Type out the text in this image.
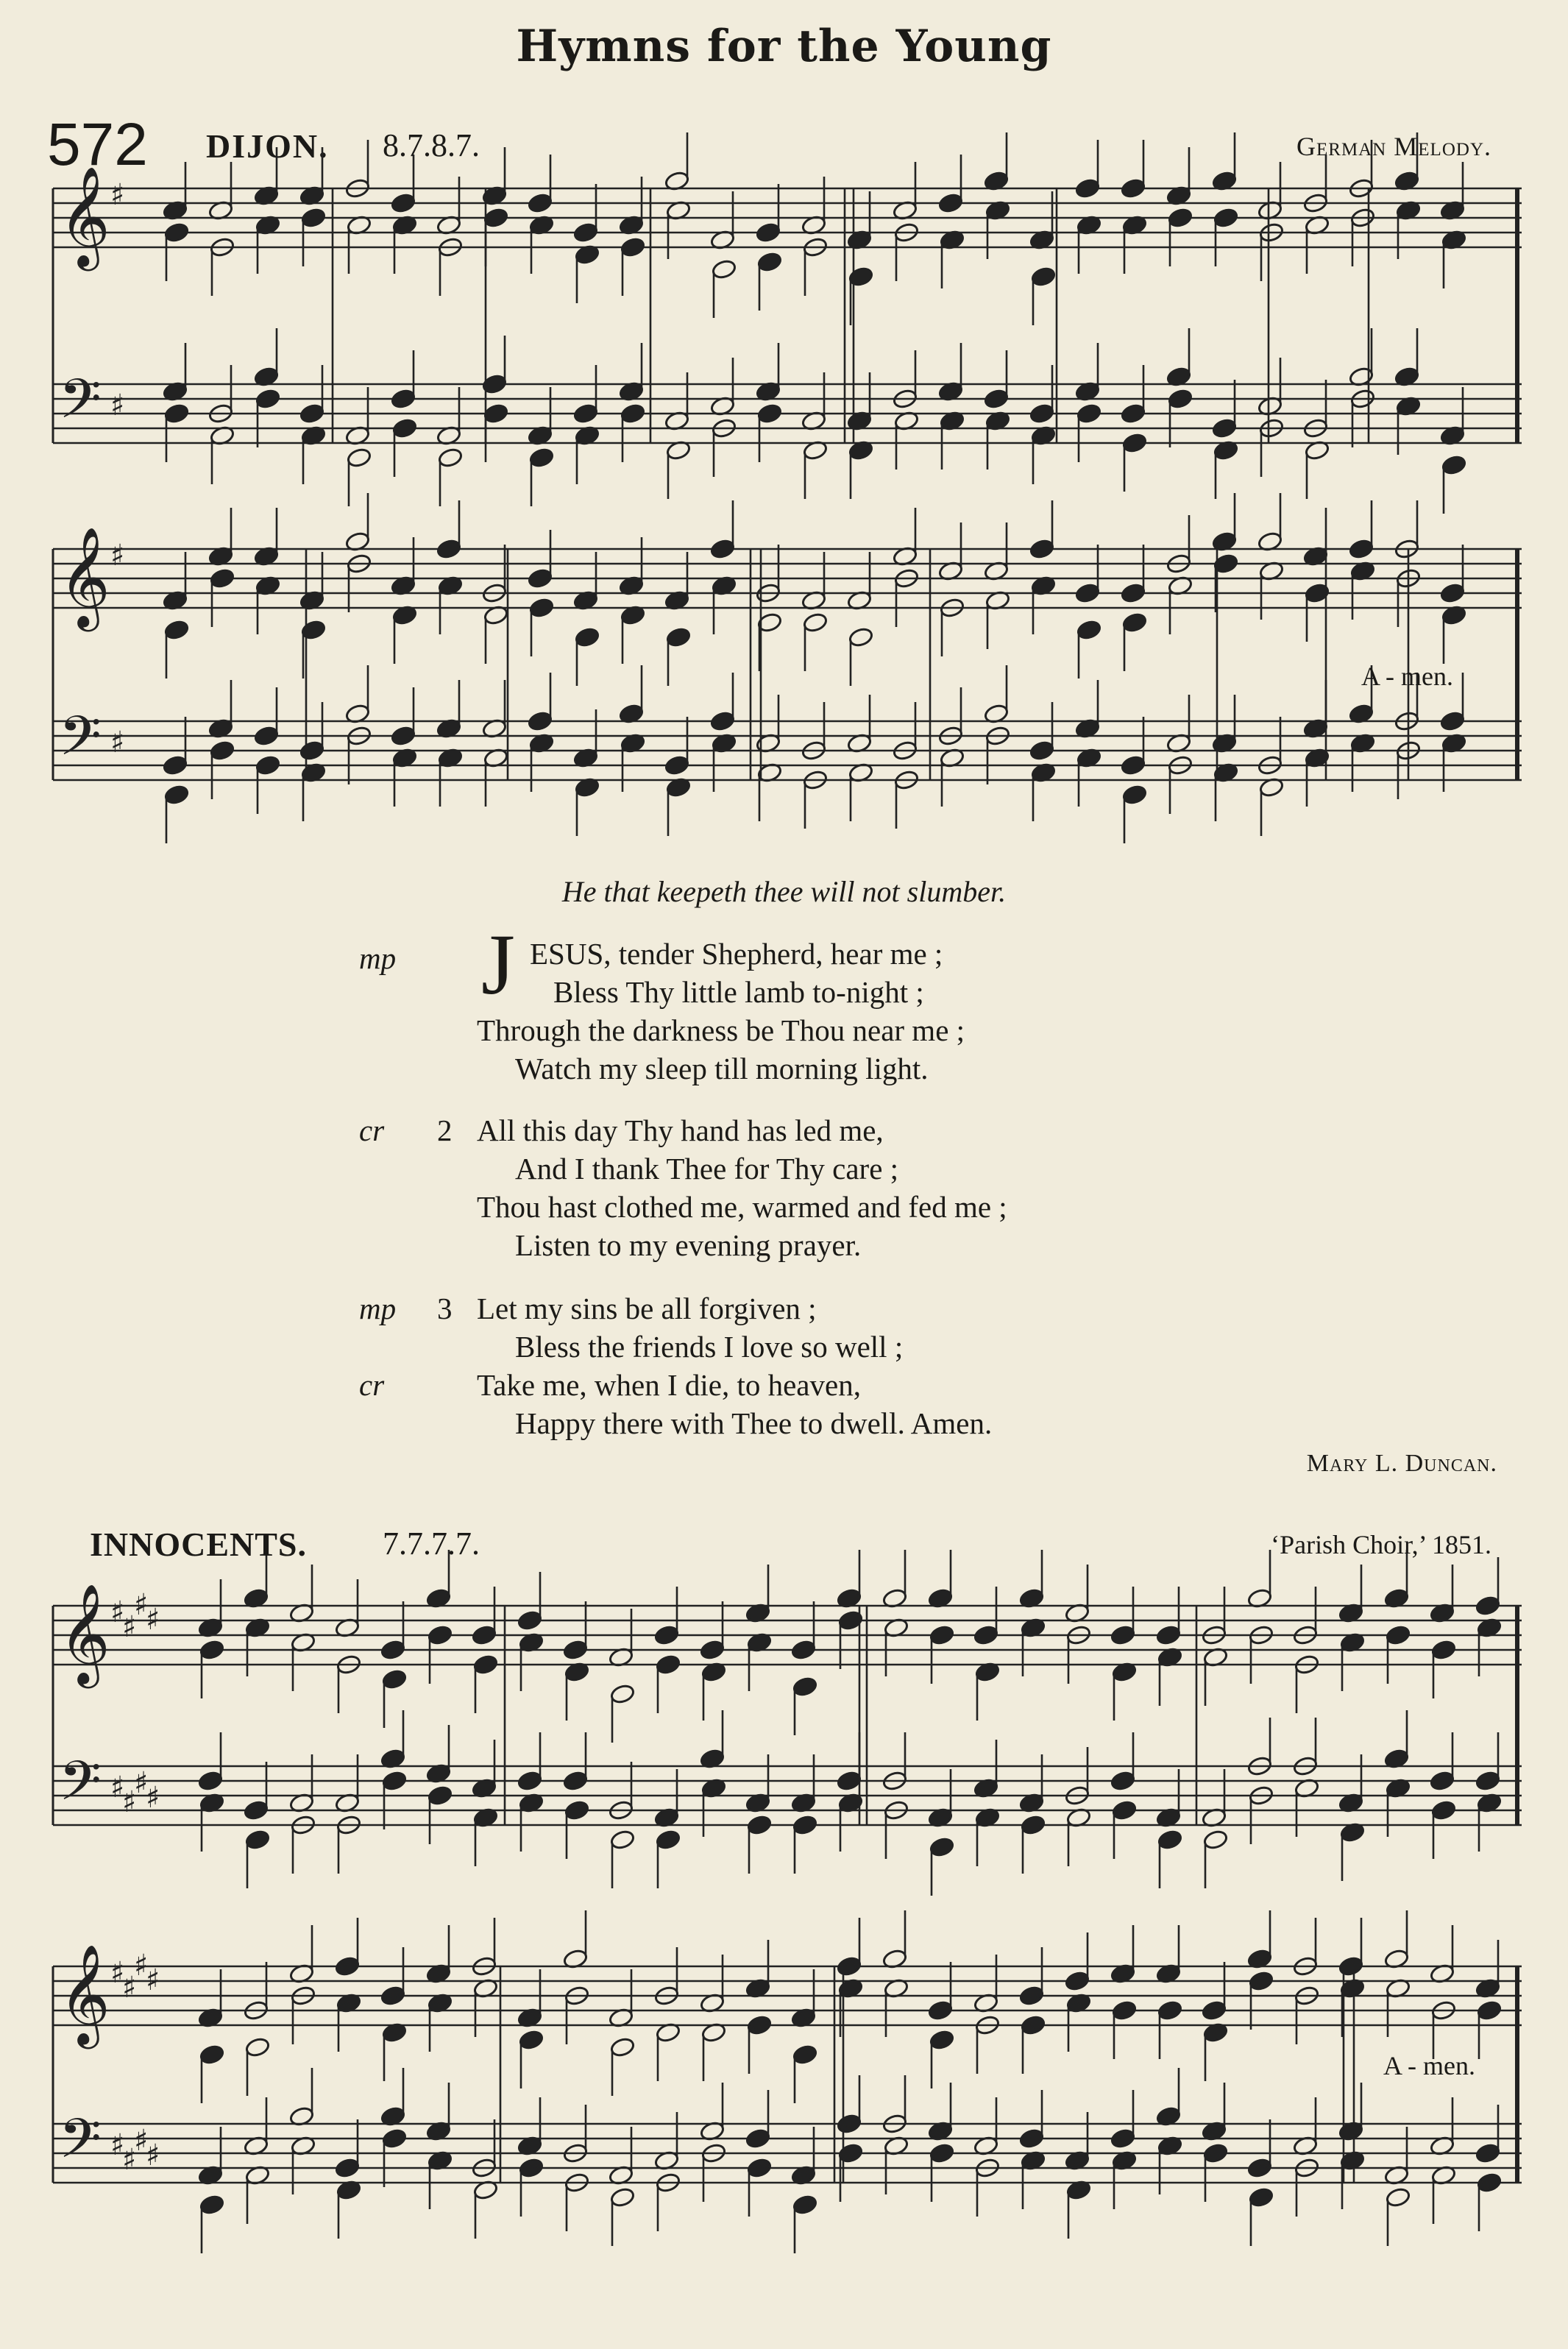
Hymns for the Young
572 DIJON. 8.7.8.7.	German Melody.
𝄞
𝄢
♯
♯
𝄞
𝄢
♯
♯
𝄞
𝄢
♯
♯
♯
♯
♯
♯
♯
♯
𝄞
𝄢
♯
♯
♯
♯
♯
♯
♯
♯
A - men.
He that keepeth thee will not slumber.
mp J ESUS, tender Shepherd, hear me ;
Bless Thy little lamb to-night ;
Through the darkness be Thou near me ;
Watch my sleep till morning light.
cr 2 All this day Thy hand has led me,
And I thank Thee for Thy care ;
Thou hast clothed me, warmed and fed me ;
Listen to my evening prayer.
mp 3 Let my sins be all forgiven ;
Bless the friends I love so well ;
cr	Take me, when I die, to heaven,
Happy there with Thee to dwell. Amen.
Mary L. Duncan.
INNOCENTS. 7.7.7.7.	‘Parish Choir,’ 1851.
A - men.
